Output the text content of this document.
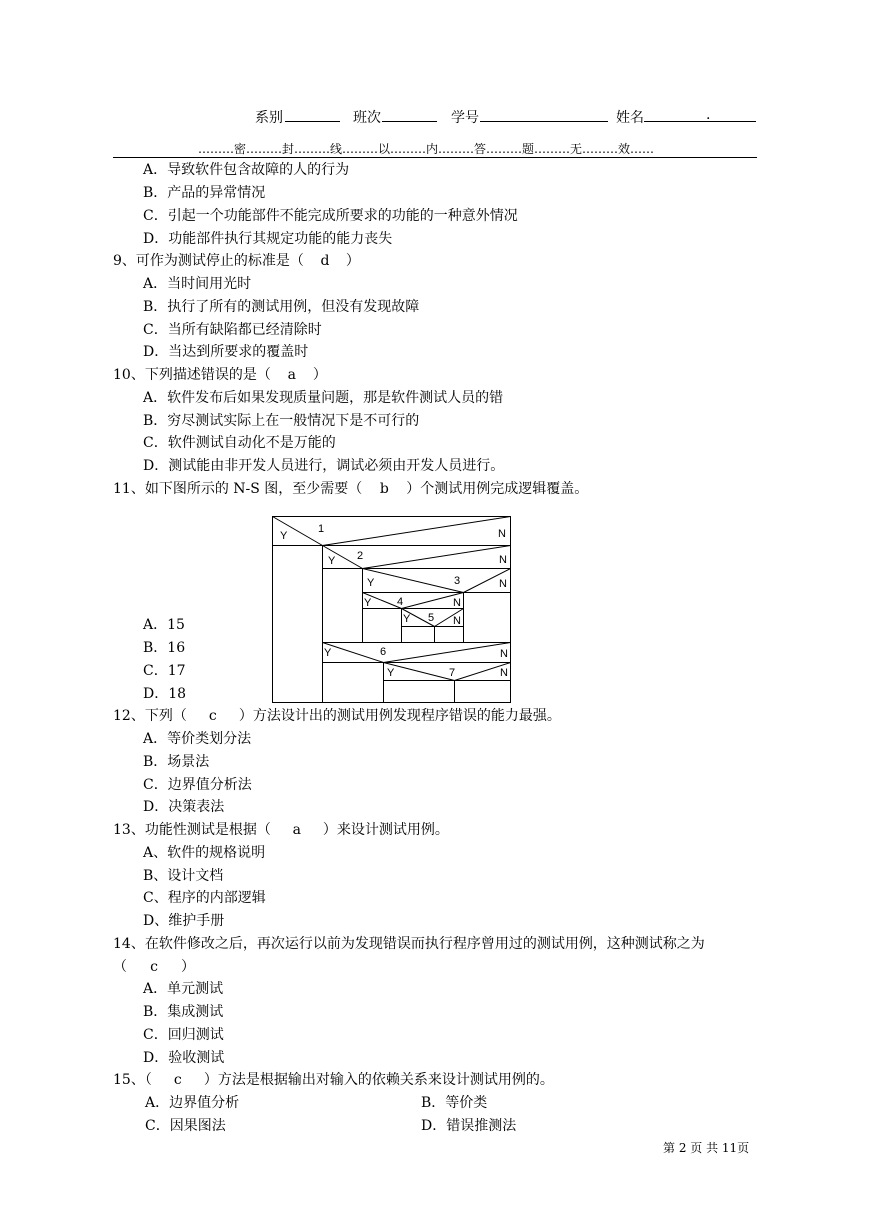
系别	班次	学号	姓名	.
………密………封………线………以………内………答………题………无………效……
A．导致软件包含故障的人的行为
B．产品的异常情况
C．引起一个功能部件不能完成所要求的功能的一种意外情况
D．功能部件执行其规定功能的能力丧失
9、可作为测试停止的标准是（ d ）
A．当时间用光时
B．执行了所有的测试用例，但没有发现故障
C．当所有缺陷都已经清除时
D．当达到所要求的覆盖时
10、下列描述错误的是（ a ）
A．软件发布后如果发现质量问题，那是软件测试人员的错
B．穷尽测试实际上在一般情况下是不可行的
C．软件测试自动化不是万能的
D．测试能由非开发人员进行，调试必须由开发人员进行。
11、如下图所示的 N-S 图，至少需要（ b ）个测试用例完成逻辑覆盖。
A．15
B．16
C．17
D．18
Y
1	N
Y 2	N
Y	3	N
Y 4	N
Y 5 N
Y	6	N
Y	7	N
12、下列（ c ）方法设计出的测试用例发现程序错误的能力最强。
A．等价类划分法
B．场景法
C．边界值分析法
D．决策表法
13、功能性测试是根据（ a ）来设计测试用例。
A、软件的规格说明
B、设计文档
C、程序的内部逻辑
D、维护手册
14、在软件修改之后，再次运行以前为发现错误而执行程序曾用过的测试用例，这种测试称之为
（ c ）
A．单元测试
B．集成测试
C．回归测试
D．验收测试
15、（ c ）方法是根据输出对输入的依赖关系来设计测试用例的。
A．边界值分析	B．等价类
C．因果图法	D．错误推测法
第 2 页 共 11页
